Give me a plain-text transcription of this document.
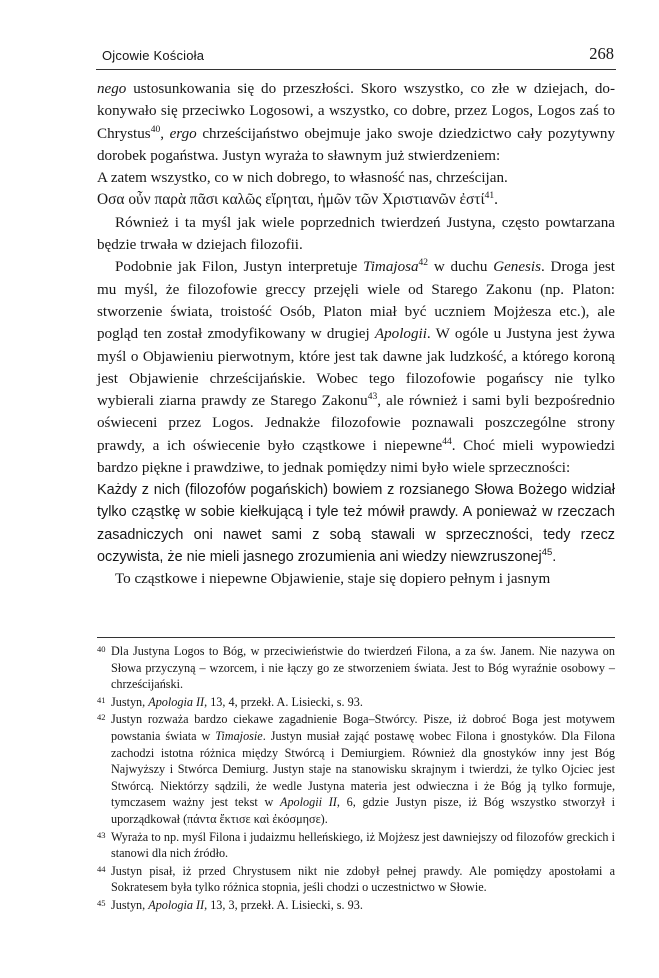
Ojcowie Kościoła	268

nego ustosunkowania się do przeszłości. Skoro wszystko, co złe w dziejach, dokonywało się przeciwko Logosowi, a wszystko, co dobre, przez Logos, Logos zaś to Chrystus$^{40}$, ergo chrześcijaństwo obejmuje jako swoje dziedzictwo cały pozytywny dorobek pogaństwa. Justyn wyraża to sławnym już stwierdzeniem:

A zatem wszystko, co w nich dobrego, to własność nas, chrześcijan.

Οσα οὖν παρὰ πᾶσι καλῶς εἴρηται, ἡμῶν τῶν Χριστιανῶν ἐστί$^{41}$.

Również i ta myśl jak wiele poprzednich twierdzeń Justyna, często powtarzana będzie trwała w dziejach filozofii.

Podobnie jak Filon, Justyn interpretuje Timajosa$^{42}$ w duchu Genesis. Droga jest mu myśl, że filozofowie greccy przejęli wiele od Starego Zakonu (np. Platon: stworzenie świata, troistość Osób, Platon miał być uczniem Mojżesza etc.), ale pogląd ten został zmodyfikowany w drugiej Apologii. W ogóle u Justyna jest żywa myśl o Objawieniu pierwotnym, które jest tak dawne jak ludzkość, a którego koroną jest Objawienie chrześcijańskie. Wobec tego filozofowie pogańscy nie tylko wybierali ziarna prawdy ze Starego Zakonu$^{43}$, ale również i sami byli bezpośrednio oświeceni przez Logos. Jednakże filozofowie poznawali poszczególne strony prawdy, a ich oświecenie było cząstkowe i niepewne$^{44}$. Choć mieli wypowiedzi bardzo piękne i prawdziwe, to jednak pomiędzy nimi było wiele sprzeczności:

Każdy z nich (filozofów pogańskich) bowiem z rozsianego Słowa Bożego widział tylko cząstkę w sobie kiełkującą i tyle też mówił prawdy. A ponieważ w rzeczach zasadniczych oni nawet sami z sobą stawali w sprzeczności, tedy rzecz oczywista, że nie mieli jasnego zrozumienia ani wiedzy niewzruszonej$^{45}$.

To cząstkowe i niepewne Objawienie, staje się dopiero pełnym i jasnym

40 Dla Justyna Logos to Bóg, w przeciwieństwie do twierdzeń Filona, a za św. Janem. Nie nazywa on Słowa przyczyną – wzorcem, i nie łączy go ze stworzeniem świata. Jest to Bóg wyraźnie osobowy – chrześcijański.
41 Justyn, Apologia II, 13, 4, przekł. A. Lisiecki, s. 93.
42 Justyn rozważa bardzo ciekawe zagadnienie Boga–Stwórcy. Pisze, iż dobroć Boga jest motywem powstania świata w Timajosie. Justyn musiał zająć postawę wobec Filona i gnostyków. Dla Filona zachodzi istotna różnica między Stwórcą i Demiurgiem. Również dla gnostyków inny jest Bóg Najwyższy i Stwórca Demiurg. Justyn staje na stanowisku skrajnym i twierdzi, że tylko Ojciec jest Stwórcą. Niektórzy sądzili, że wedle Justyna materia jest odwieczna i że Bóg ją tylko formuje, tymczasem ważny jest tekst w Apologii II, 6, gdzie Justyn pisze, iż Bóg wszystko stworzył i uporządkował (πάντα ἔκτισε καὶ ἐκόσμησε).
43 Wyraża to np. myśl Filona i judaizmu helleńskiego, iż Mojżesz jest dawniejszy od filozofów greckich i stanowi dla nich źródło.
44 Justyn pisał, iż przed Chrystusem nikt nie zdobył pełnej prawdy. Ale pomiędzy apostołami a Sokratesem była tylko różnica stopnia, jeśli chodzi o uczestnictwo w Słowie.
45 Justyn, Apologia II, 13, 3, przekł. A. Lisiecki, s. 93.
